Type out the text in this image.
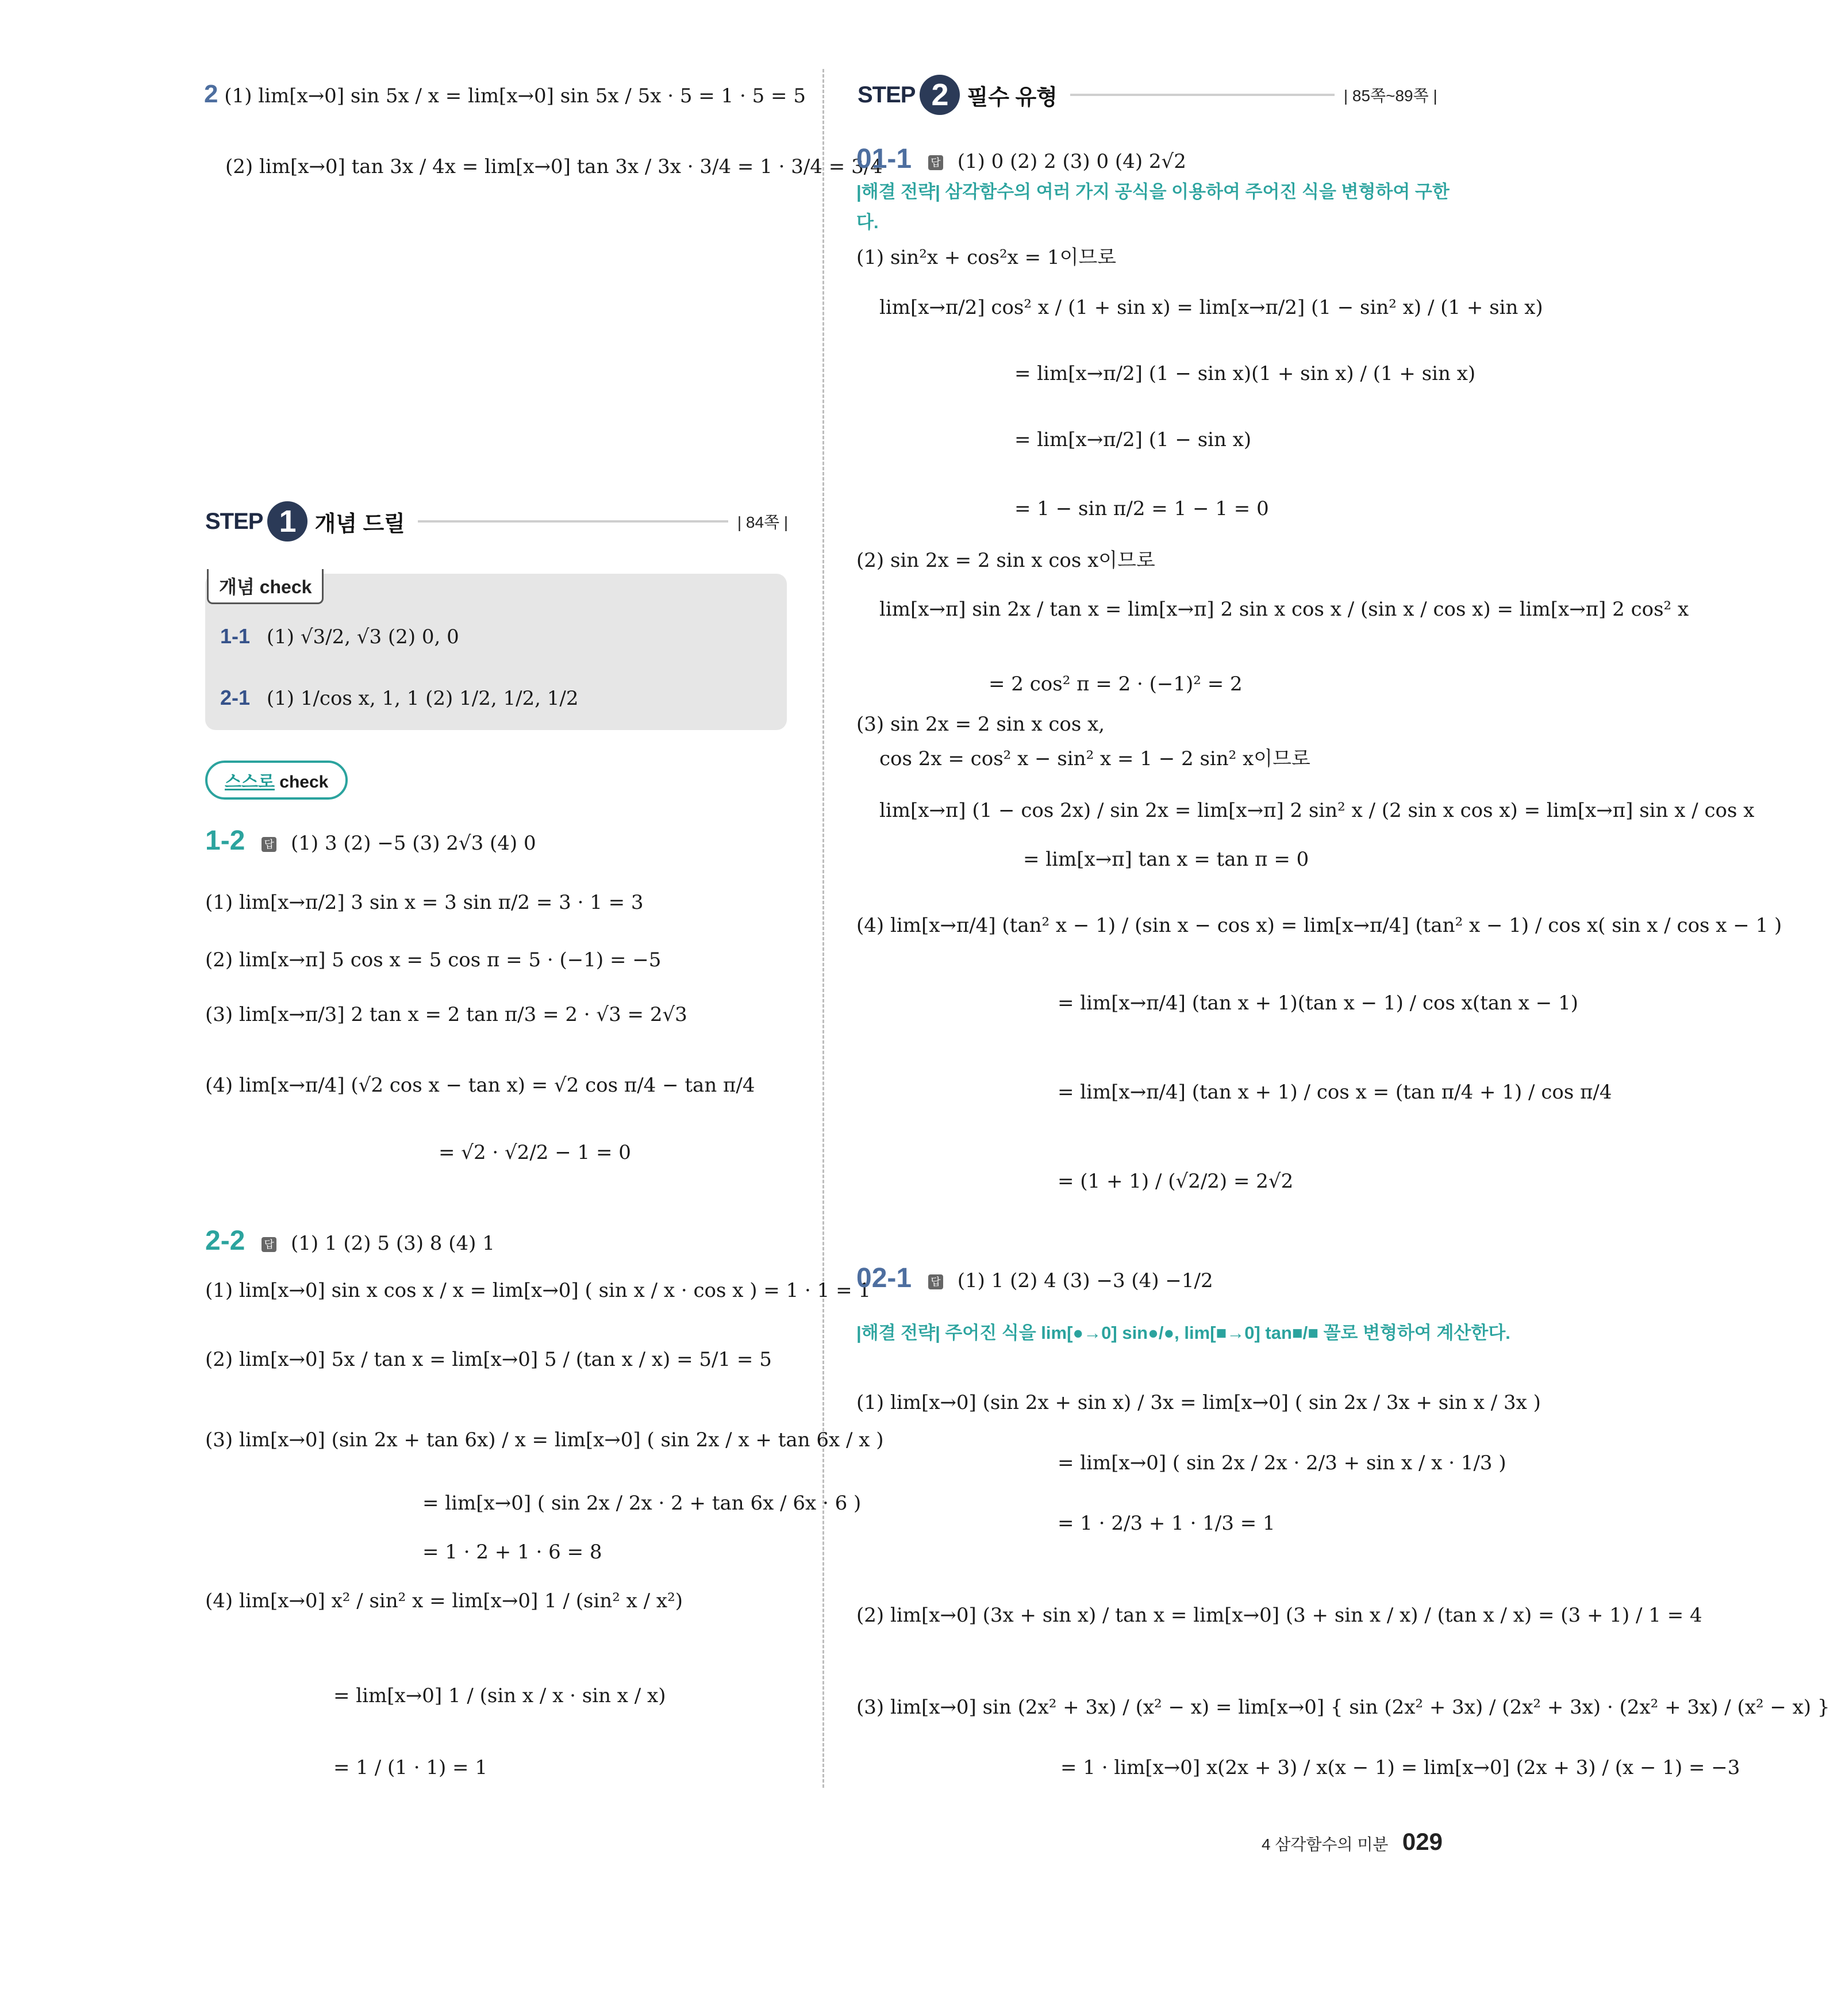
2 (1) lim[x→0] sin 5x / x = lim[x→0] sin 5x / 5x · 5 = 1 · 5 = 5
(2) lim[x→0] tan 3x / 4x = lim[x→0] tan 3x / 3x · 3/4 = 1 · 3/4 = 3/4
STEP 1 개념 드릴	| 84쪽 |
개념 check
1-1 (1) √3/2, √3 (2) 0, 0
2-1 (1) 1/cos x, 1, 1 (2) 1/2, 1/2, 1/2
스스로 check
1-2 답 (1) 3 (2) −5 (3) 2√3 (4) 0
(1) lim[x→π/2] 3 sin x = 3 sin π/2 = 3 · 1 = 3
(2) lim[x→π] 5 cos x = 5 cos π = 5 · (−1) = −5
(3) lim[x→π/3] 2 tan x = 2 tan π/3 = 2 · √3 = 2√3
(4) lim[x→π/4] (√2 cos x − tan x) = √2 cos π/4 − tan π/4
= √2 · √2/2 − 1 = 0
2-2 답 (1) 1 (2) 5 (3) 8 (4) 1
(1) lim[x→0] sin x cos x / x = lim[x→0] ( sin x / x · cos x ) = 1 · 1 = 1
(2) lim[x→0] 5x / tan x = lim[x→0] 5 / (tan x / x) = 5/1 = 5
(3) lim[x→0] (sin 2x + tan 6x) / x = lim[x→0] ( sin 2x / x + tan 6x / x )
= lim[x→0] ( sin 2x / 2x · 2 + tan 6x / 6x · 6 )
= 1 · 2 + 1 · 6 = 8
(4) lim[x→0] x² / sin² x = lim[x→0] 1 / (sin² x / x²)
= lim[x→0] 1 / (sin x / x · sin x / x)
= 1 / (1 · 1) = 1
STEP 2 필수 유형	| 85쪽~89쪽 |
01-1 답 (1) 0 (2) 2 (3) 0 (4) 2√2
|해결 전략| 삼각함수의 여러 가지 공식을 이용하여 주어진 식을 변형하여 구한
다.
(1) sin²x + cos²x = 1이므로
lim[x→π/2] cos² x / (1 + sin x) = lim[x→π/2] (1 − sin² x) / (1 + sin x)
= lim[x→π/2] (1 − sin x)(1 + sin x) / (1 + sin x)
= lim[x→π/2] (1 − sin x)
= 1 − sin π/2 = 1 − 1 = 0
(2) sin 2x = 2 sin x cos x이므로
lim[x→π] sin 2x / tan x = lim[x→π] 2 sin x cos x / (sin x / cos x) = lim[x→π] 2 cos² x
= 2 cos² π = 2 · (−1)² = 2
(3) sin 2x = 2 sin x cos x,
cos 2x = cos² x − sin² x = 1 − 2 sin² x이므로
lim[x→π] (1 − cos 2x) / sin 2x = lim[x→π] 2 sin² x / (2 sin x cos x) = lim[x→π] sin x / cos x
= lim[x→π] tan x = tan π = 0
(4) lim[x→π/4] (tan² x − 1) / (sin x − cos x) = lim[x→π/4] (tan² x − 1) / cos x( sin x / cos x − 1 )
= lim[x→π/4] (tan x + 1)(tan x − 1) / cos x(tan x − 1)
= lim[x→π/4] (tan x + 1) / cos x = (tan π/4 + 1) / cos π/4
= (1 + 1) / (√2/2) = 2√2
02-1 답 (1) 1 (2) 4 (3) −3 (4) −1/2
|해결 전략| 주어진 식을 lim[●→0] sin●/●, lim[■→0] tan■/■ 꼴로 변형하여 계산한다.
(1) lim[x→0] (sin 2x + sin x) / 3x = lim[x→0] ( sin 2x / 3x + sin x / 3x )
= lim[x→0] ( sin 2x / 2x · 2/3 + sin x / x · 1/3 )
= 1 · 2/3 + 1 · 1/3 = 1
(2) lim[x→0] (3x + sin x) / tan x = lim[x→0] (3 + sin x / x) / (tan x / x) = (3 + 1) / 1 = 4
(3) lim[x→0] sin (2x² + 3x) / (x² − x) = lim[x→0] { sin (2x² + 3x) / (2x² + 3x) · (2x² + 3x) / (x² − x) }
= 1 · lim[x→0] x(2x + 3) / x(x − 1) = lim[x→0] (2x + 3) / (x − 1) = −3
4 삼각함수의 미분 029
